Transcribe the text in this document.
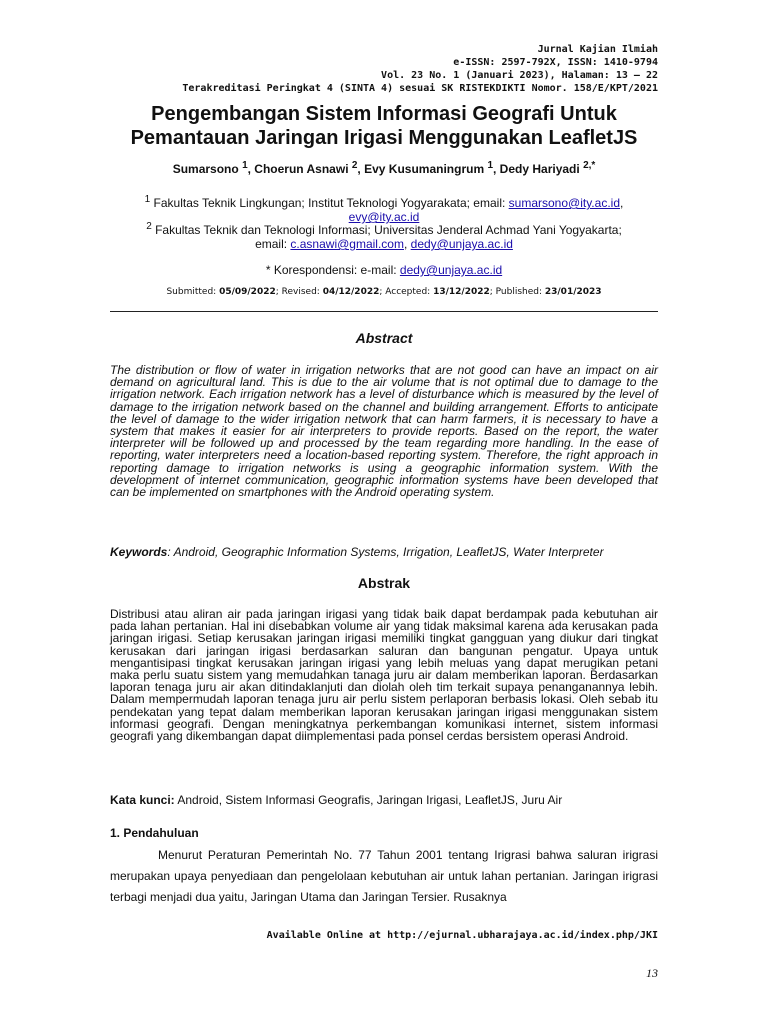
Jurnal Kajian Ilmiah
e-ISSN: 2597-792X, ISSN: 1410-9794
Vol. 23 No. 1 (Januari 2023), Halaman: 13 – 22
Terakreditasi Peringkat 4 (SINTA 4) sesuai SK RISTEKDIKTI Nomor. 158/E/KPT/2021
Pengembangan Sistem Informasi Geografi Untuk
Pemantauan Jaringan Irigasi Menggunakan LeafletJS
Sumarsono $^1$, Choerun Asnawi $^2$, Evy Kusumaningrum $^1$, Dedy Hariyadi $^{2,*}$
$^1$ Fakultas Teknik Lingkungan; Institut Teknologi Yogyarakata; email: sumarsono@ity.ac.id,
evy@ity.ac.id
$^2$ Fakultas Teknik dan Teknologi Informasi; Universitas Jenderal Achmad Yani Yogyakarta;
email: c.asnawi@gmail.com, dedy@unjaya.ac.id
* Korespondensi: e-mail: dedy@unjaya.ac.id
Submitted: 05/09/2022; Revised: 04/12/2022; Accepted: 13/12/2022; Published: 23/01/2023
Abstract
The distribution or flow of water in irrigation networks that are not good can have an impact on air demand on agricultural land. This is due to the air volume that is not optimal due to damage to the irrigation network. Each irrigation network has a level of disturbance which is measured by the level of damage to the irrigation network based on the channel and building arrangement. Efforts to anticipate the level of damage to the wider irrigation network that can harm farmers, it is necessary to have a system that makes it easier for air interpreters to provide reports. Based on the report, the water interpreter will be followed up and processed by the team regarding more handling. In the ease of reporting, water interpreters need a location-based reporting system. Therefore, the right approach in reporting damage to irrigation networks is using a geographic information system. With the development of internet communication, geographic information systems have been developed that can be implemented on smartphones with the Android operating system.
Keywords: Android, Geographic Information Systems, Irrigation, LeafletJS, Water Interpreter
Abstrak
Distribusi atau aliran air pada jaringan irigasi yang tidak baik dapat berdampak pada kebutuhan air pada lahan pertanian. Hal ini disebabkan volume air yang tidak maksimal karena ada kerusakan pada jaringan irigasi. Setiap kerusakan jaringan irigasi memiliki tingkat gangguan yang diukur dari tingkat kerusakan dari jaringan irigasi berdasarkan saluran dan bangunan pengatur. Upaya untuk mengantisipasi tingkat kerusakan jaringan irigasi yang lebih meluas yang dapat merugikan petani maka perlu suatu sistem yang memudahkan tanaga juru air dalam memberikan laporan. Berdasarkan laporan tenaga juru air akan ditindaklanjuti dan diolah oleh tim terkait supaya penanganannya lebih. Dalam mempermudah laporan tenaga juru air perlu sistem perlaporan berbasis lokasi. Oleh sebab itu pendekatan yang tepat dalam memberikan laporan kerusakan jaringan irigasi menggunakan sistem informasi geografi. Dengan meningkatnya perkembangan komunikasi internet, sistem informasi geografi yang dikembangan dapat diimplementasi pada ponsel cerdas bersistem operasi Android.
Kata kunci: Android, Sistem Informasi Geografis, Jaringan Irigasi, LeafletJS, Juru Air
1. Pendahuluan
Menurut Peraturan Pemerintah No. 77 Tahun 2001 tentang Irigrasi bahwa saluran irigrasi merupakan upaya penyediaan dan pengelolaan kebutuhan air untuk lahan pertanian. Jaringan irigrasi terbagi menjadi dua yaitu, Jaringan Utama dan Jaringan Tersier. Rusaknya
Available Online at http://ejurnal.ubharajaya.ac.id/index.php/JKI
13
